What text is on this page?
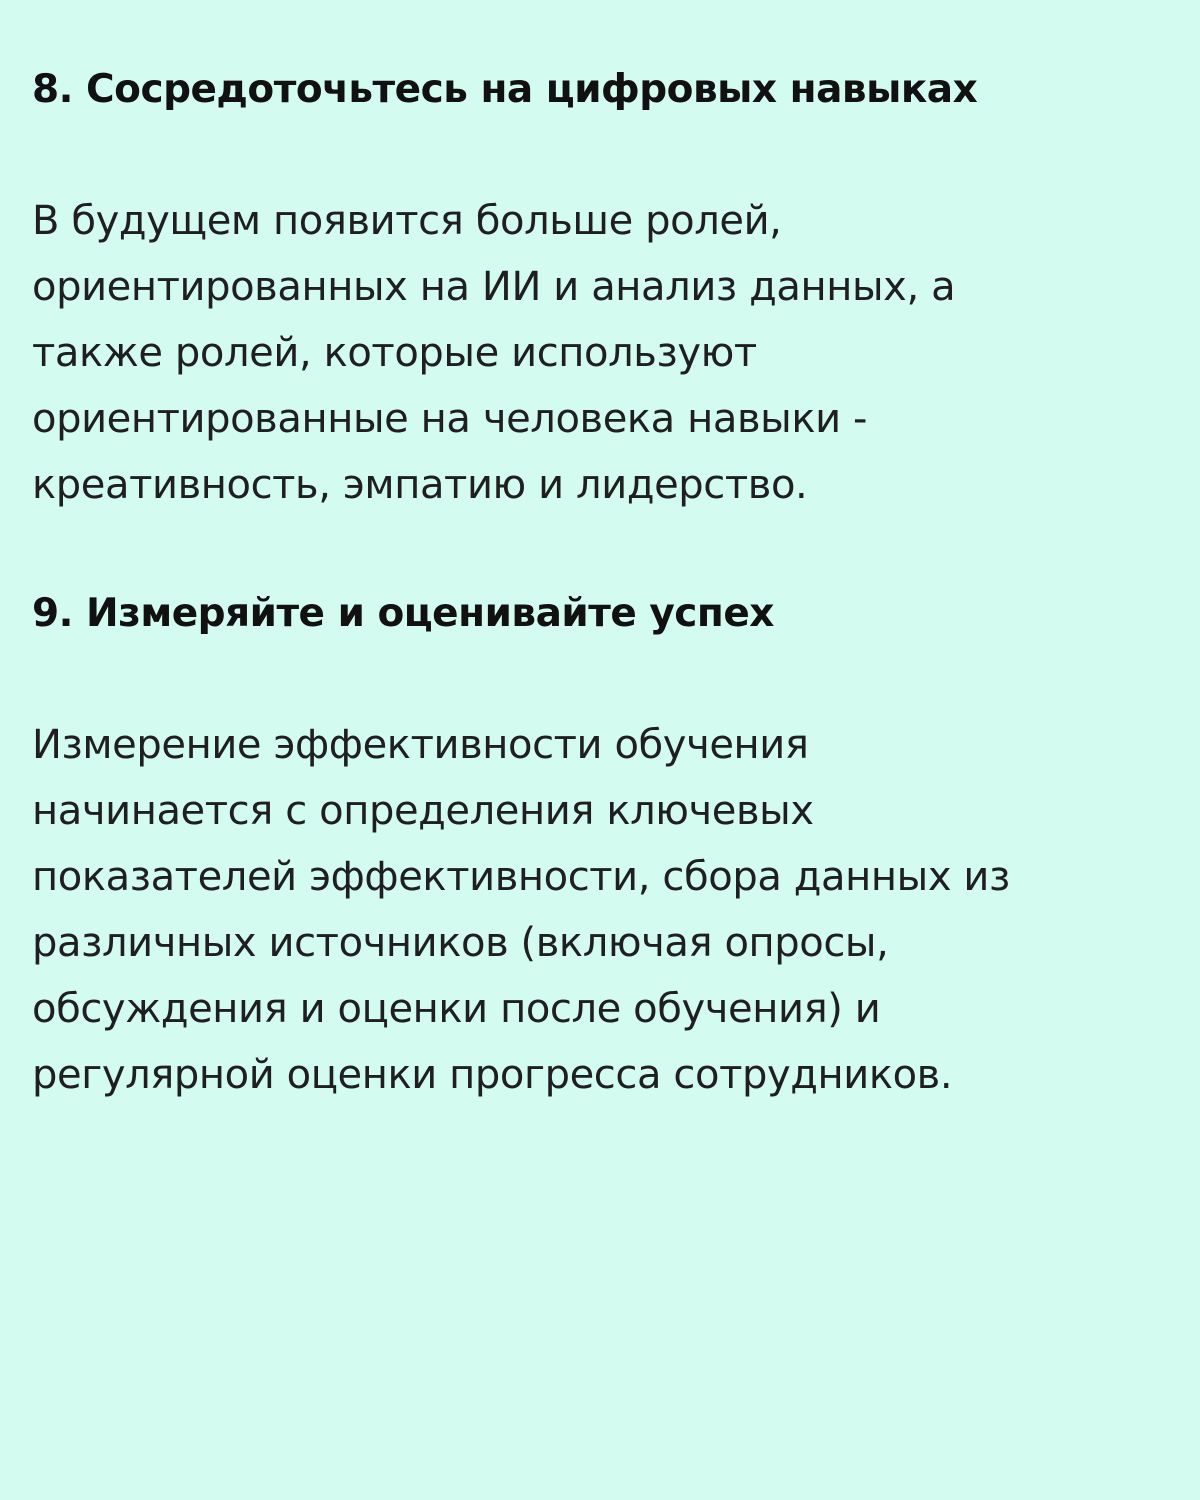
8. Сосредоточьтесь на цифровых навыках

В будущем появится больше ролей,
ориентированных на ИИ и анализ данных, а
также ролей, которые используют
ориентированные на человека навыки -
креативность, эмпатию и лидерство.

9. Измеряйте и оценивайте успех

Измерение эффективности обучения
начинается с определения ключевых
показателей эффективности, сбора данных из
различных источников (включая опросы,
обсуждения и оценки после обучения) и
регулярной оценки прогресса сотрудников.
